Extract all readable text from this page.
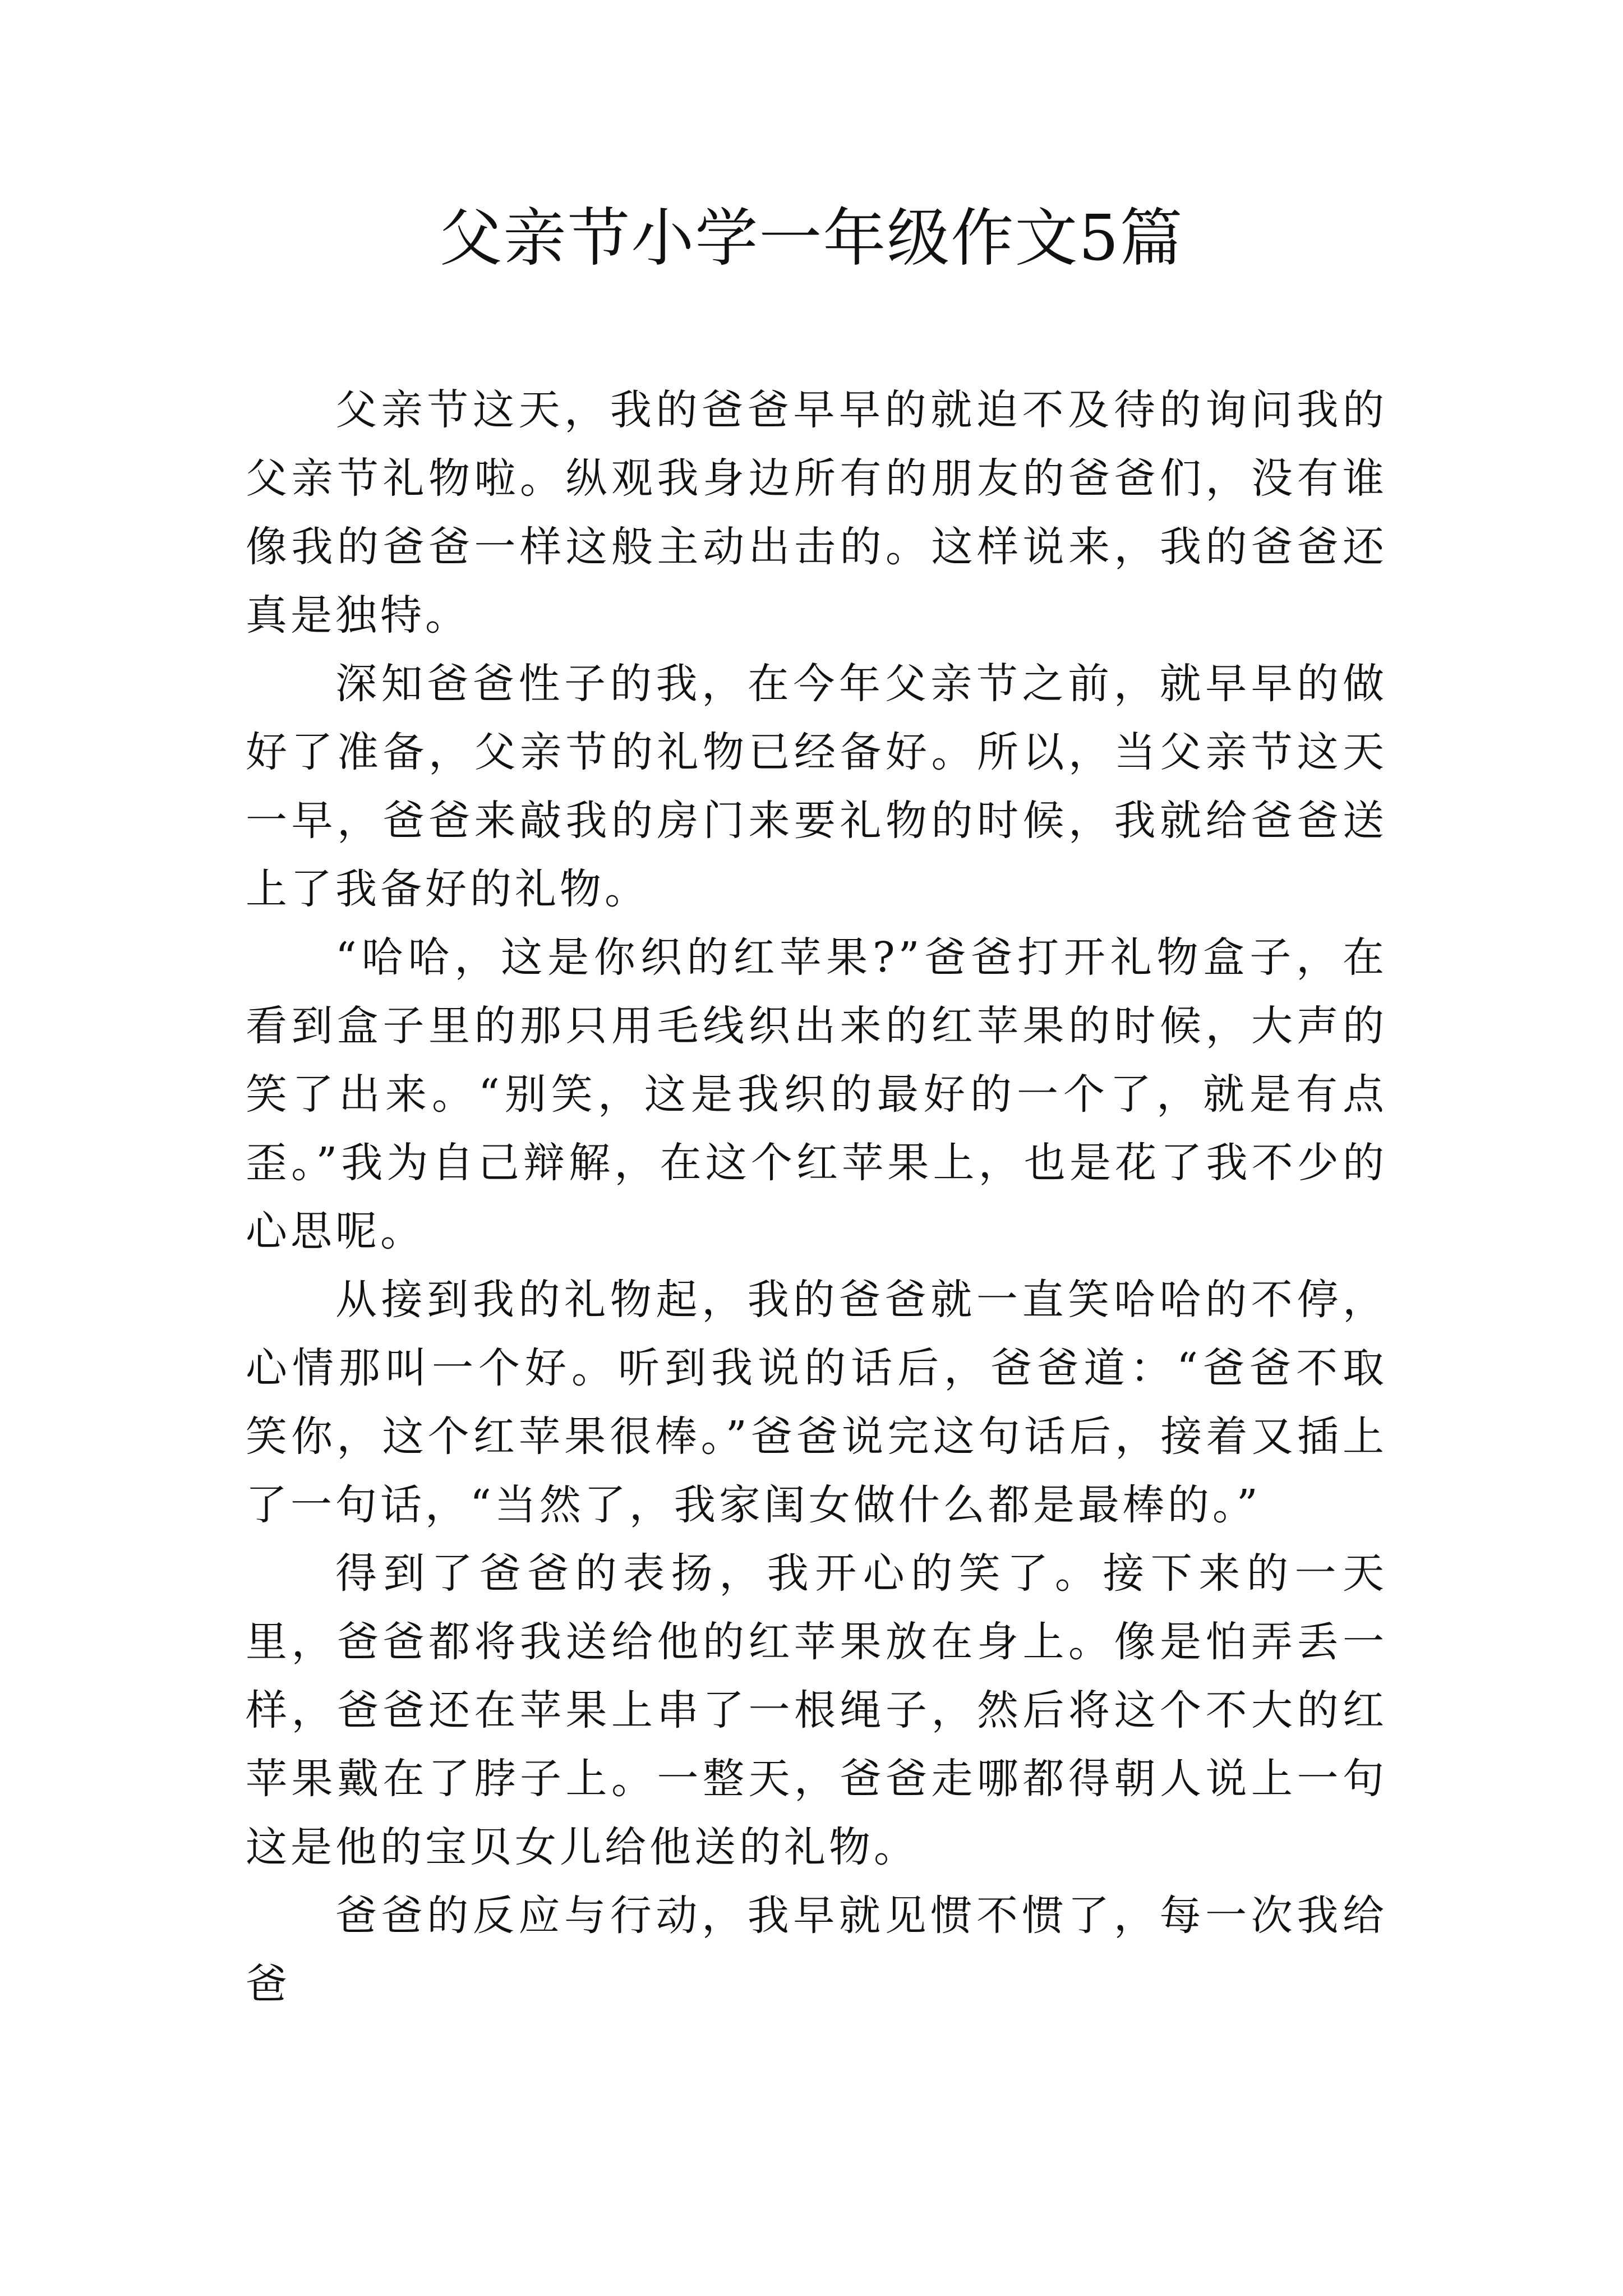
父亲节小学一年级作文5篇

父亲节这天，我的爸爸早早的就迫不及待的询问我的父亲节礼物啦。纵观我身边所有的朋友的爸爸们，没有谁像我的爸爸一样这般主动出击的。这样说来，我的爸爸还真是独特。

深知爸爸性子的我，在今年父亲节之前，就早早的做好了准备，父亲节的礼物已经备好。所以，当父亲节这天一早，爸爸来敲我的房门来要礼物的时候，我就给爸爸送上了我备好的礼物。

“哈哈，这是你织的红苹果?”爸爸打开礼物盒子，在看到盒子里的那只用毛线织出来的红苹果的时候，大声的笑了出来。“别笑，这是我织的最好的一个了，就是有点歪。”我为自己辩解，在这个红苹果上，也是花了我不少的心思呢。

从接到我的礼物起，我的爸爸就一直笑哈哈的不停，心情那叫一个好。听到我说的话后，爸爸道：“爸爸不取笑你，这个红苹果很棒。”爸爸说完这句话后，接着又插上了一句话，“当然了，我家闺女做什么都是最棒的。”

得到了爸爸的表扬，我开心的笑了。接下来的一天里，爸爸都将我送给他的红苹果放在身上。像是怕弄丢一样，爸爸还在苹果上串了一根绳子，然后将这个不大的红苹果戴在了脖子上。一整天，爸爸走哪都得朝人说上一句这是他的宝贝女儿给他送的礼物。

爸爸的反应与行动，我早就见惯不惯了，每一次我给爸
